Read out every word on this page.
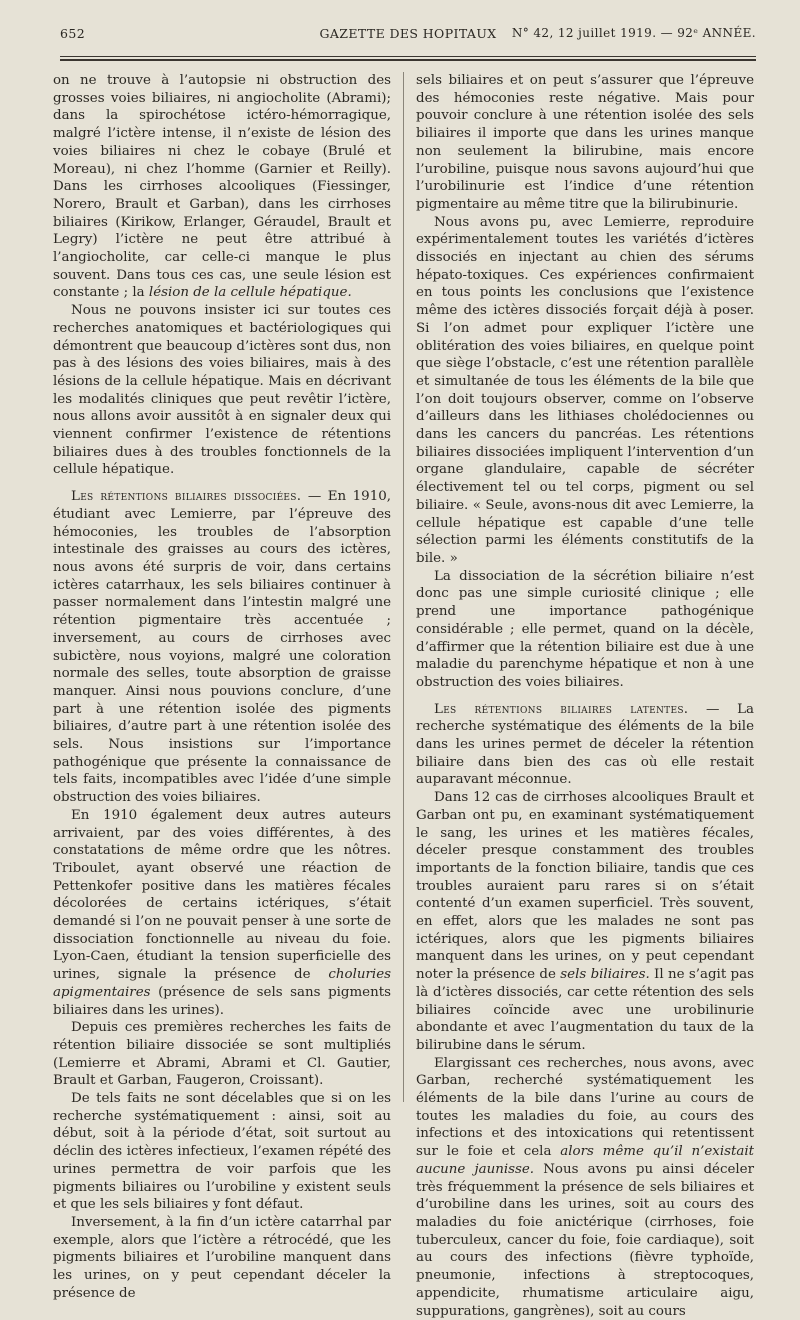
652	GAZETTE DES HOPITAUX	N° 42, 12 juillet 1919. — 92ᵉ ANNÉE.

on ne trouve à l’autopsie ni obstruction des grosses voies biliaires, ni angiocholite (Abrami); dans la spirochétose ictéro-hémorragique, malgré l’ictère intense, il n’existe de lésion des voies biliaires ni chez le cobaye (Brulé et Moreau), ni chez l’homme (Garnier et Reilly). Dans les cirrhoses alcooliques (Fiessinger, Norero, Brault et Garban), dans les cirrhoses biliaires (Kirikow, Erlanger, Géraudel, Brault et Legry) l’ictère ne peut être attribué à l’angiocholite, car celle-ci manque le plus souvent. Dans tous ces cas, une seule lésion est constante ; la lésion de la cellule hépatique.

Nous ne pouvons insister ici sur toutes ces recherches anatomiques et bactériologiques qui démontrent que beaucoup d’ictères sont dus, non pas à des lésions des voies biliaires, mais à des lésions de la cellule hépatique. Mais en décrivant les modalités cliniques que peut revêtir l’ictère, nous allons avoir aussitôt à en signaler deux qui viennent confirmer l’existence de rétentions biliaires dues à des troubles fonctionnels de la cellule hépatique.

Les rétentions biliaires dissociées. — En 1910, étudiant avec Lemierre, par l’épreuve des hémoconies, les troubles de l’absorption intestinale des graisses au cours des ictères, nous avons été surpris de voir, dans certains ictères catarrhaux, les sels biliaires continuer à passer normalement dans l’intestin malgré une rétention pigmentaire très accentuée ; inversement, au cours de cirrhoses avec subictère, nous voyions, malgré une coloration normale des selles, toute absorption de graisse manquer. Ainsi nous pouvions conclure, d’une part à une rétention isolée des pigments biliaires, d’autre part à une rétention isolée des sels. Nous insistions sur l’importance pathogénique que présente la connaissance de tels faits, incompatibles avec l’idée d’une simple obstruction des voies biliaires.

En 1910 également deux autres auteurs arrivaient, par des voies différentes, à des constatations de même ordre que les nôtres. Triboulet, ayant observé une réaction de Pettenkofer positive dans les matières fécales décolorées de certains ictériques, s’était demandé si l’on ne pouvait penser à une sorte de dissociation fonctionnelle au niveau du foie. Lyon-Caen, étudiant la tension superficielle des urines, signale la présence de choluries apigmentaires (présence de sels sans pigments biliaires dans les urines).

Depuis ces premières recherches les faits de rétention biliaire dissociée se sont multipliés (Lemierre et Abrami, Abrami et Cl. Gautier, Brault et Garban, Faugeron, Croissant).

De tels faits ne sont décelables que si on les recherche systématiquement : ainsi, soit au début, soit à la période d’état, soit surtout au déclin des ictères infectieux, l’examen répété des urines permettra de voir parfois que les pigments biliaires ou l’urobiline y existent seuls et que les sels biliaires y font défaut.

Inversement, à la fin d’un ictère catarrhal par exemple, alors que l’ictère a rétrocédé, que les pigments biliaires et l’urobiline manquent dans les urines, on y peut cependant déceler la présence de

sels biliaires et on peut s’assurer que l’épreuve des hémoconies reste négative. Mais pour pouvoir conclure à une rétention isolée des sels biliaires il importe que dans les urines manque non seulement la bilirubine, mais encore l’urobiline, puisque nous savons aujourd’hui que l’urobilinurie est l’indice d’une rétention pigmentaire au même titre que la bilirubinurie.

Nous avons pu, avec Lemierre, reproduire expérimentalement toutes les variétés d’ictères dissociés en injectant au chien des sérums hépato-toxiques. Ces expériences confirmaient en tous points les conclusions que l’existence même des ictères dissociés forçait déjà à poser. Si l’on admet pour expliquer l’ictère une oblitération des voies biliaires, en quelque point que siège l’obstacle, c’est une rétention parallèle et simultanée de tous les éléments de la bile que l’on doit toujours observer, comme on l’observe d’ailleurs dans les lithiases cholédociennes ou dans les cancers du pancréas. Les rétentions biliaires dissociées impliquent l’intervention d’un organe glandulaire, capable de sécréter électivement tel ou tel corps, pigment ou sel biliaire. « Seule, avons-nous dit avec Lemierre, la cellule hépatique est capable d’une telle sélection parmi les éléments constitutifs de la bile. »

La dissociation de la sécrétion biliaire n’est donc pas une simple curiosité clinique ; elle prend une importance pathogénique considérable ; elle permet, quand on la décèle, d’affirmer que la rétention biliaire est due à une maladie du parenchyme hépatique et non à une obstruction des voies biliaires.

Les rétentions biliaires latentes. — La recherche systématique des éléments de la bile dans les urines permet de déceler la rétention biliaire dans bien des cas où elle restait auparavant méconnue.

Dans 12 cas de cirrhoses alcooliques Brault et Garban ont pu, en examinant systématiquement le sang, les urines et les matières fécales, déceler presque constamment des troubles importants de la fonction biliaire, tandis que ces troubles auraient paru rares si on s’était contenté d’un examen superficiel. Très souvent, en effet, alors que les malades ne sont pas ictériques, alors que les pigments biliaires manquent dans les urines, on y peut cependant noter la présence de sels biliaires. Il ne s’agit pas là d’ictères dissociés, car cette rétention des sels biliaires coïncide avec une urobilinurie abondante et avec l’augmentation du taux de la bilirubine dans le sérum.

Elargissant ces recherches, nous avons, avec Garban, recherché systématiquement les éléments de la bile dans l’urine au cours de toutes les maladies du foie, au cours des infections et des intoxications qui retentissent sur le foie et cela alors même qu’il n’existait aucune jaunisse. Nous avons pu ainsi déceler très fréquemment la présence de sels biliaires et d’urobiline dans les urines, soit au cours des maladies du foie anictérique (cirrhoses, foie tuberculeux, cancer du foie, foie cardiaque), soit au cours des infections (fièvre typhoïde, pneumonie, infections à streptocoques, appendicite, rhumatisme articulaire aigu, suppurations, gangrènes), soit au cours
